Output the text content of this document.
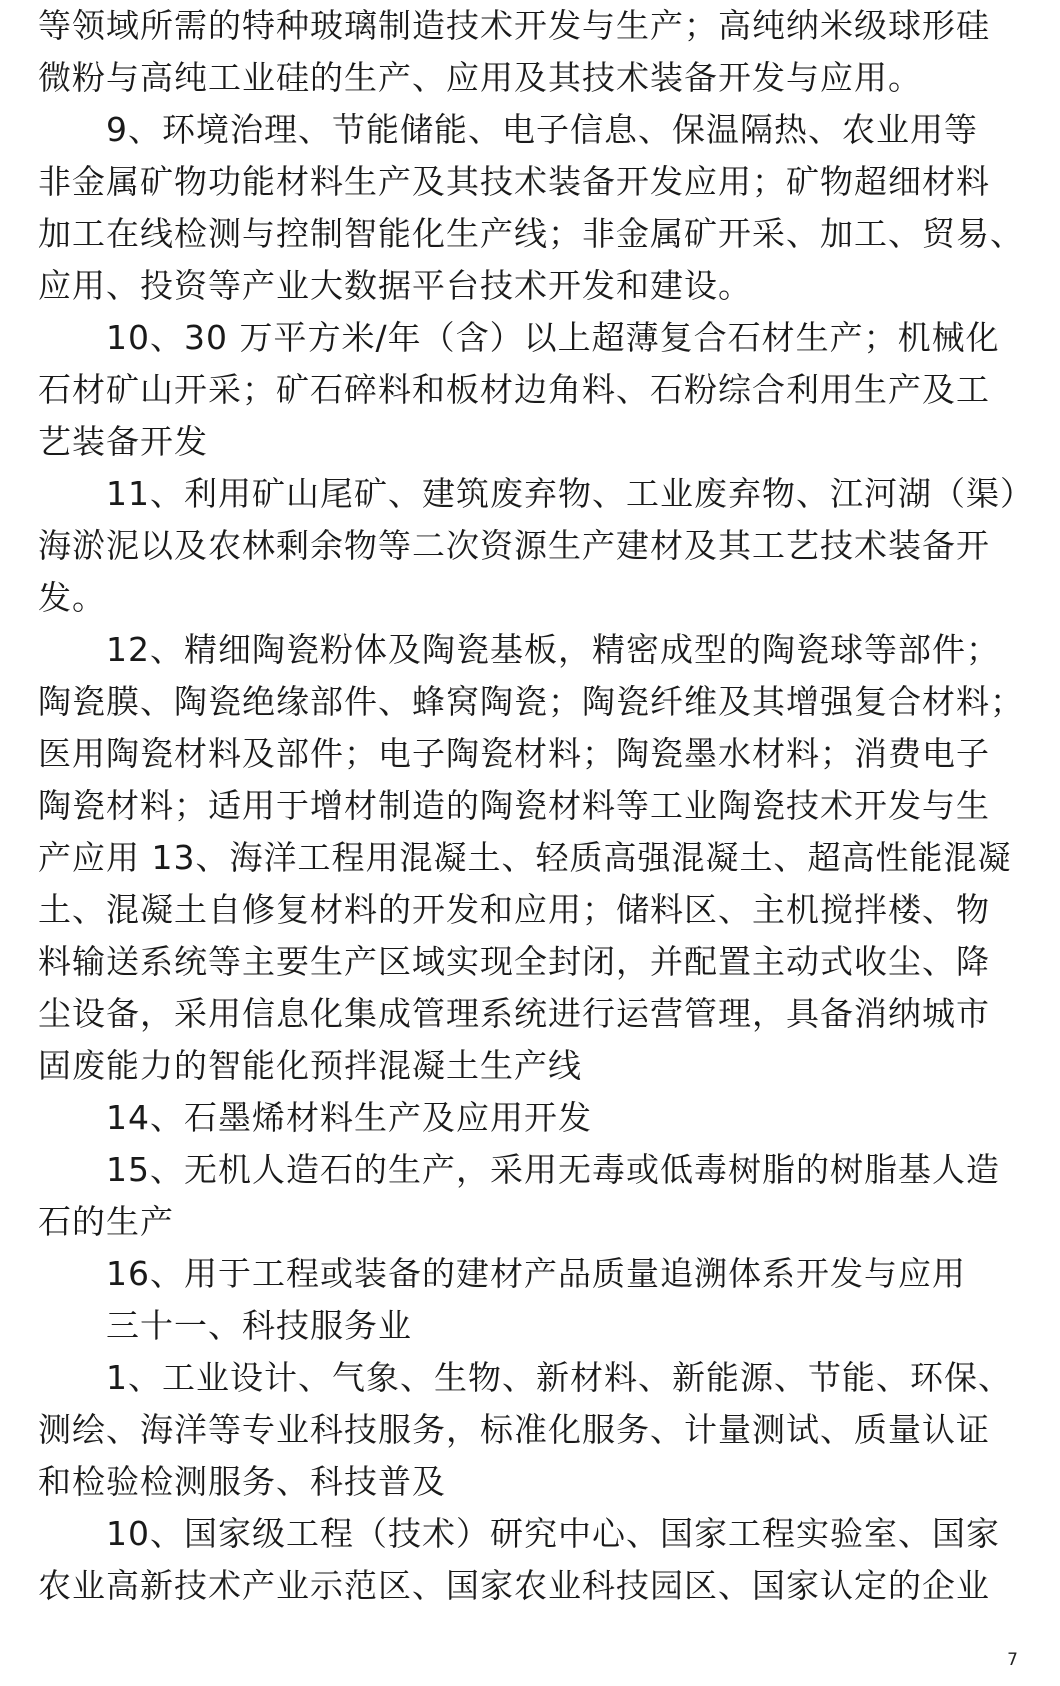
等领域所需的特种玻璃制造技术开发与生产；高纯纳米级球形硅
微粉与高纯工业硅的生产、应用及其技术装备开发与应用。
9、环境治理、节能储能、电子信息、保温隔热、农业用等
非金属矿物功能材料生产及其技术装备开发应用；矿物超细材料
加工在线检测与控制智能化生产线；非金属矿开采、加工、贸易、
应用、投资等产业大数据平台技术开发和建设。
10、30 万平方米/年（含）以上超薄复合石材生产；机械化
石材矿山开采；矿石碎料和板材边角料、石粉综合利用生产及工
艺装备开发
11、利用矿山尾矿、建筑废弃物、工业废弃物、江河湖（渠）
海淤泥以及农林剩余物等二次资源生产建材及其工艺技术装备开
发。
12、精细陶瓷粉体及陶瓷基板，精密成型的陶瓷球等部件；
陶瓷膜、陶瓷绝缘部件、蜂窝陶瓷；陶瓷纤维及其增强复合材料；
医用陶瓷材料及部件；电子陶瓷材料；陶瓷墨水材料；消费电子
陶瓷材料；适用于增材制造的陶瓷材料等工业陶瓷技术开发与生
产应用 13、海洋工程用混凝土、轻质高强混凝土、超高性能混凝
土、混凝土自修复材料的开发和应用；储料区、主机搅拌楼、物
料输送系统等主要生产区域实现全封闭，并配置主动式收尘、降
尘设备，采用信息化集成管理系统进行运营管理，具备消纳城市
固废能力的智能化预拌混凝土生产线
14、石墨烯材料生产及应用开发
15、无机人造石的生产，采用无毒或低毒树脂的树脂基人造
石的生产
16、用于工程或装备的建材产品质量追溯体系开发与应用
三十一、科技服务业
1、工业设计、气象、生物、新材料、新能源、节能、环保、
测绘、海洋等专业科技服务，标准化服务、计量测试、质量认证
和检验检测服务、科技普及
10、国家级工程（技术）研究中心、国家工程实验室、国家
农业高新技术产业示范区、国家农业科技园区、国家认定的企业
7
